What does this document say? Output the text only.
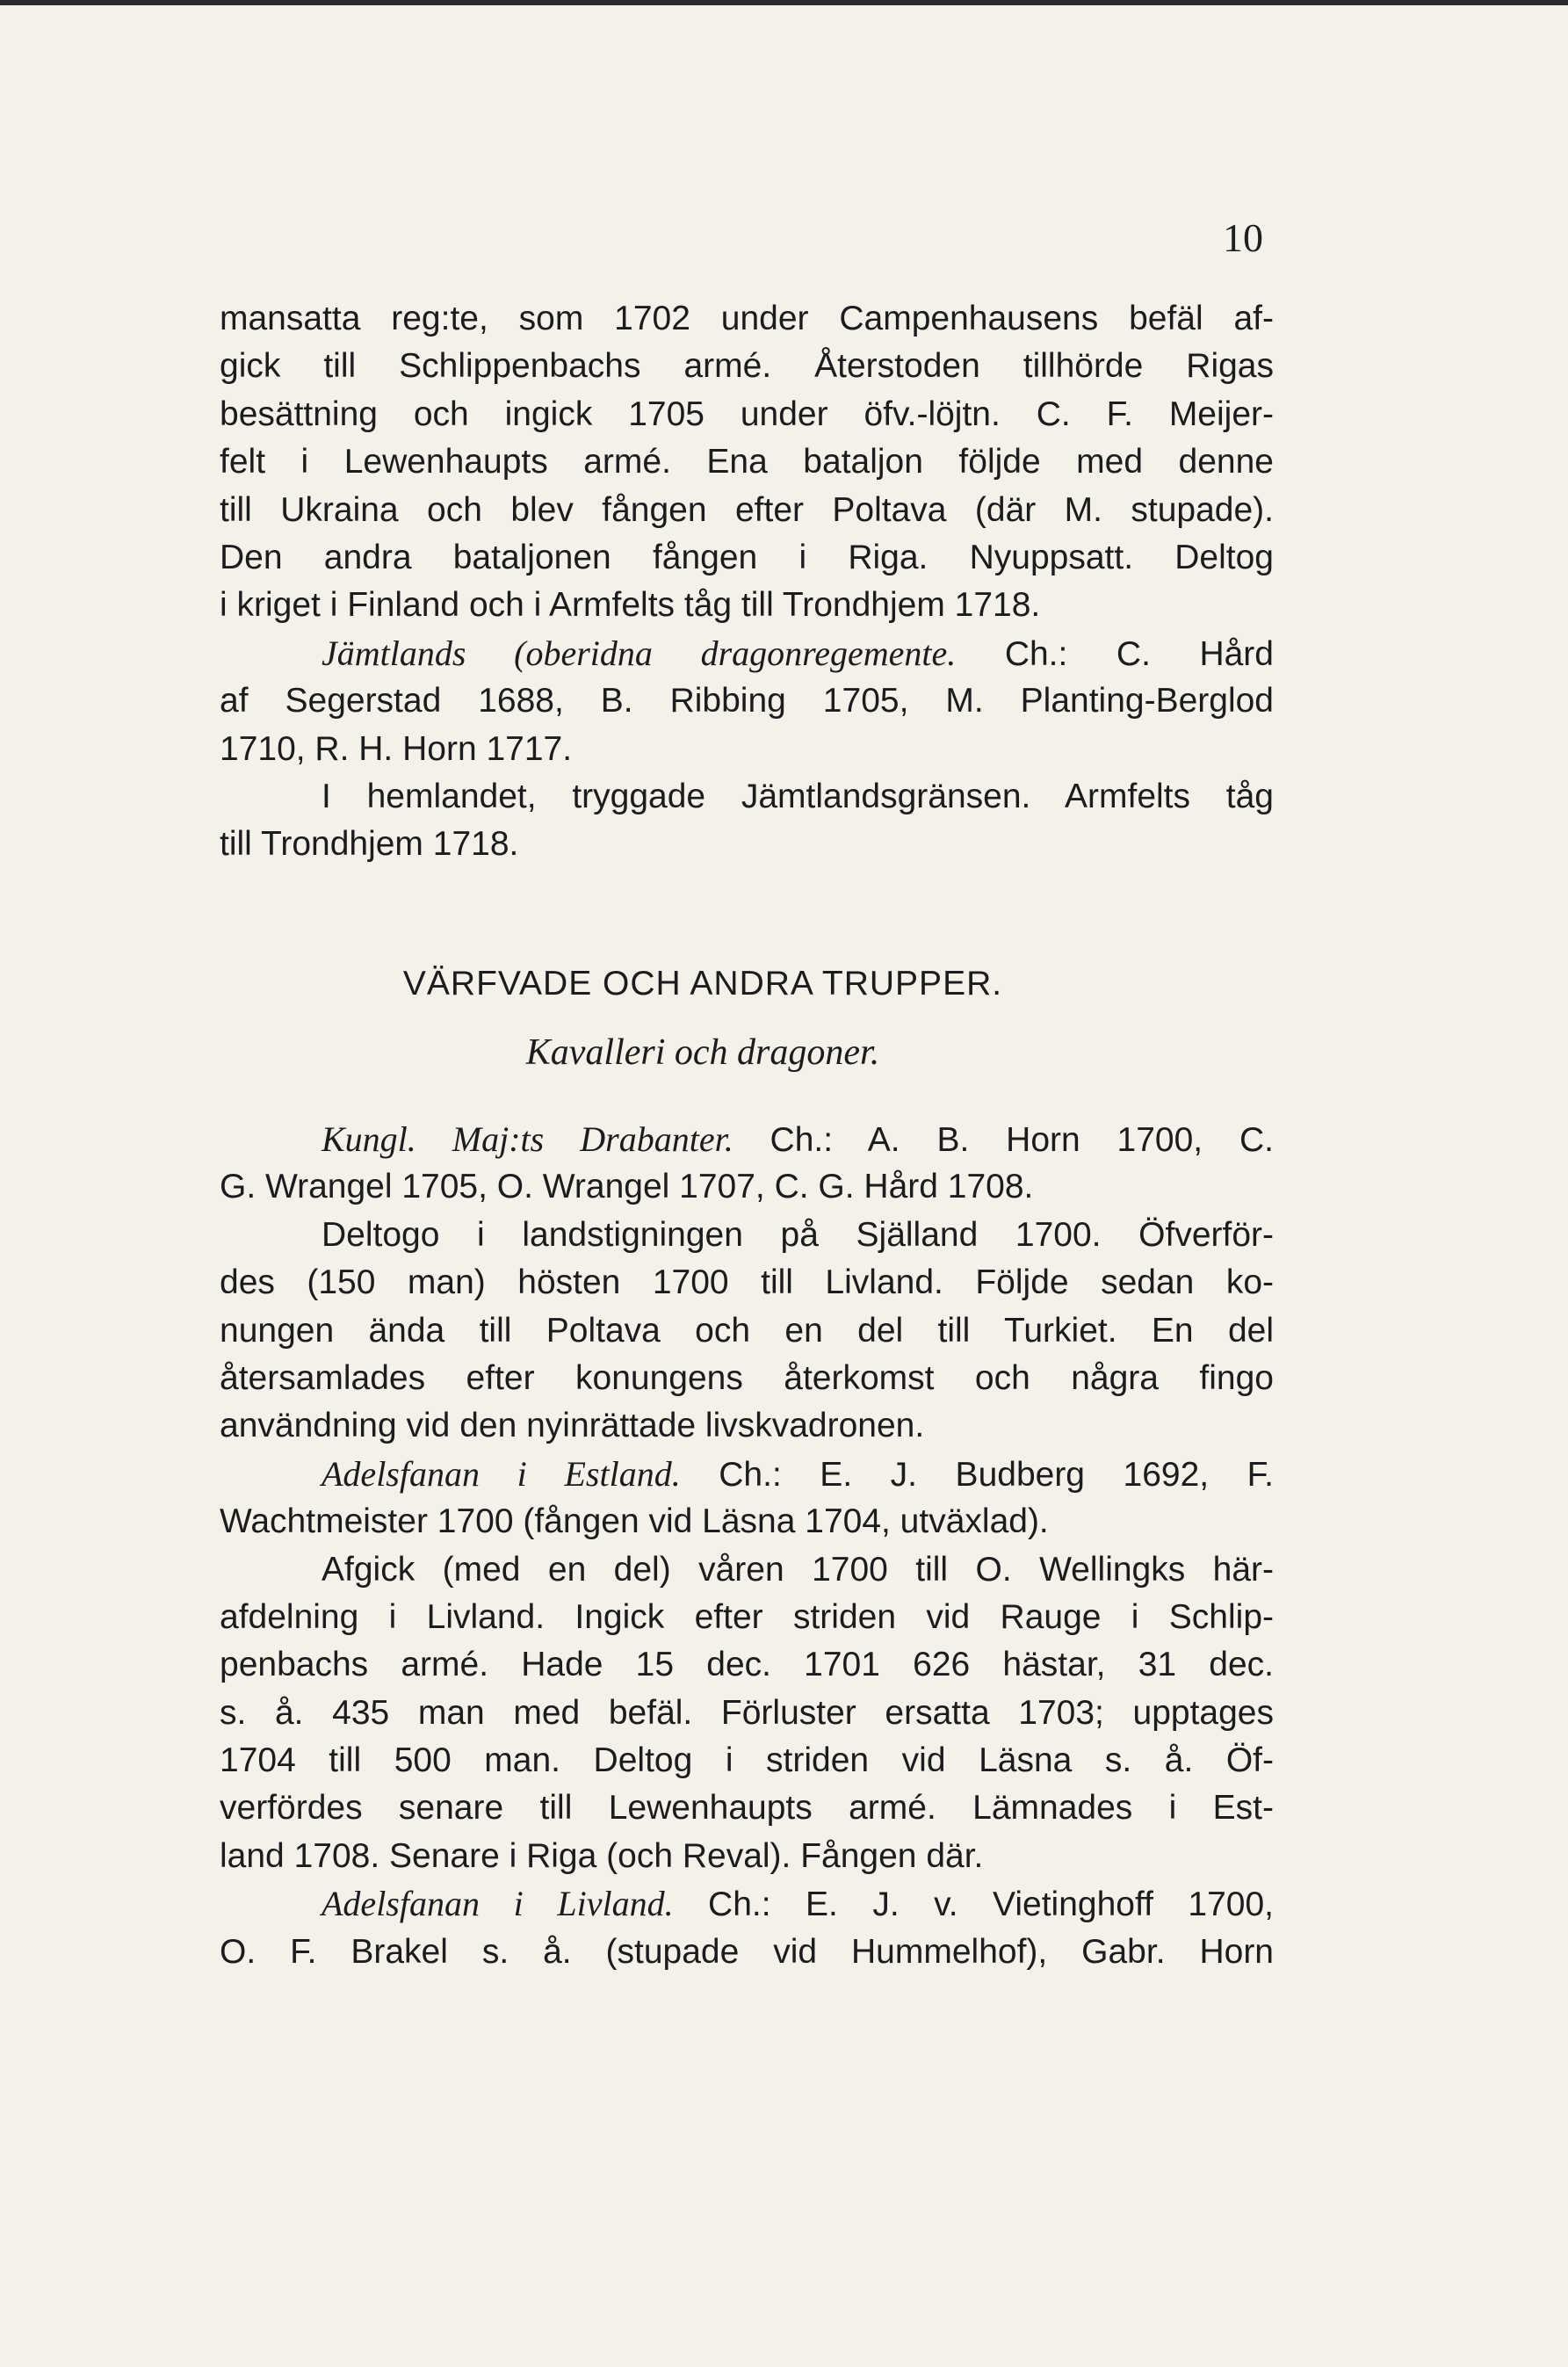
10
mansatta reg:te, som 1702 under Campenhausens befäl af-
gick till Schlippenbachs armé. Återstoden tillhörde Rigas
besättning och ingick 1705 under öfv.-löjtn. C. F. Meijer-
felt i Lewenhaupts armé. Ena bataljon följde med denne
till Ukraina och blev fången efter Poltava (där M. stupade).
Den andra bataljonen fången i Riga. Nyuppsatt. Deltog
i kriget i Finland och i Armfelts tåg till Trondhjem 1718.
Jämtlands (oberidna dragonregemente. Ch.: C. Hård
af Segerstad 1688, B. Ribbing 1705, M. Planting-Berglod
1710, R. H. Horn 1717.
I hemlandet, tryggade Jämtlandsgränsen. Armfelts tåg
till Trondhjem 1718.
VÄRFVADE OCH ANDRA TRUPPER.
Kavalleri och dragoner.
Kungl. Maj:ts Drabanter. Ch.: A. B. Horn 1700, C.
G. Wrangel 1705, O. Wrangel 1707, C. G. Hård 1708.
Deltogo i landstigningen på Själland 1700. Öfverför-
des (150 man) hösten 1700 till Livland. Följde sedan ko-
nungen ända till Poltava och en del till Turkiet. En del
återsamlades efter konungens återkomst och några fingo
användning vid den nyinrättade livskvadronen.
Adelsfanan i Estland. Ch.: E. J. Budberg 1692, F.
Wachtmeister 1700 (fången vid Läsna 1704, utväxlad).
Afgick (med en del) våren 1700 till O. Wellingks här-
afdelning i Livland. Ingick efter striden vid Rauge i Schlip-
penbachs armé. Hade 15 dec. 1701 626 hästar, 31 dec.
s. å. 435 man med befäl. Förluster ersatta 1703; upptages
1704 till 500 man. Deltog i striden vid Läsna s. å. Öf-
verfördes senare till Lewenhaupts armé. Lämnades i Est-
land 1708. Senare i Riga (och Reval). Fången där.
Adelsfanan i Livland. Ch.: E. J. v. Vietinghoff 1700,
O. F. Brakel s. å. (stupade vid Hummelhof), Gabr. Horn
